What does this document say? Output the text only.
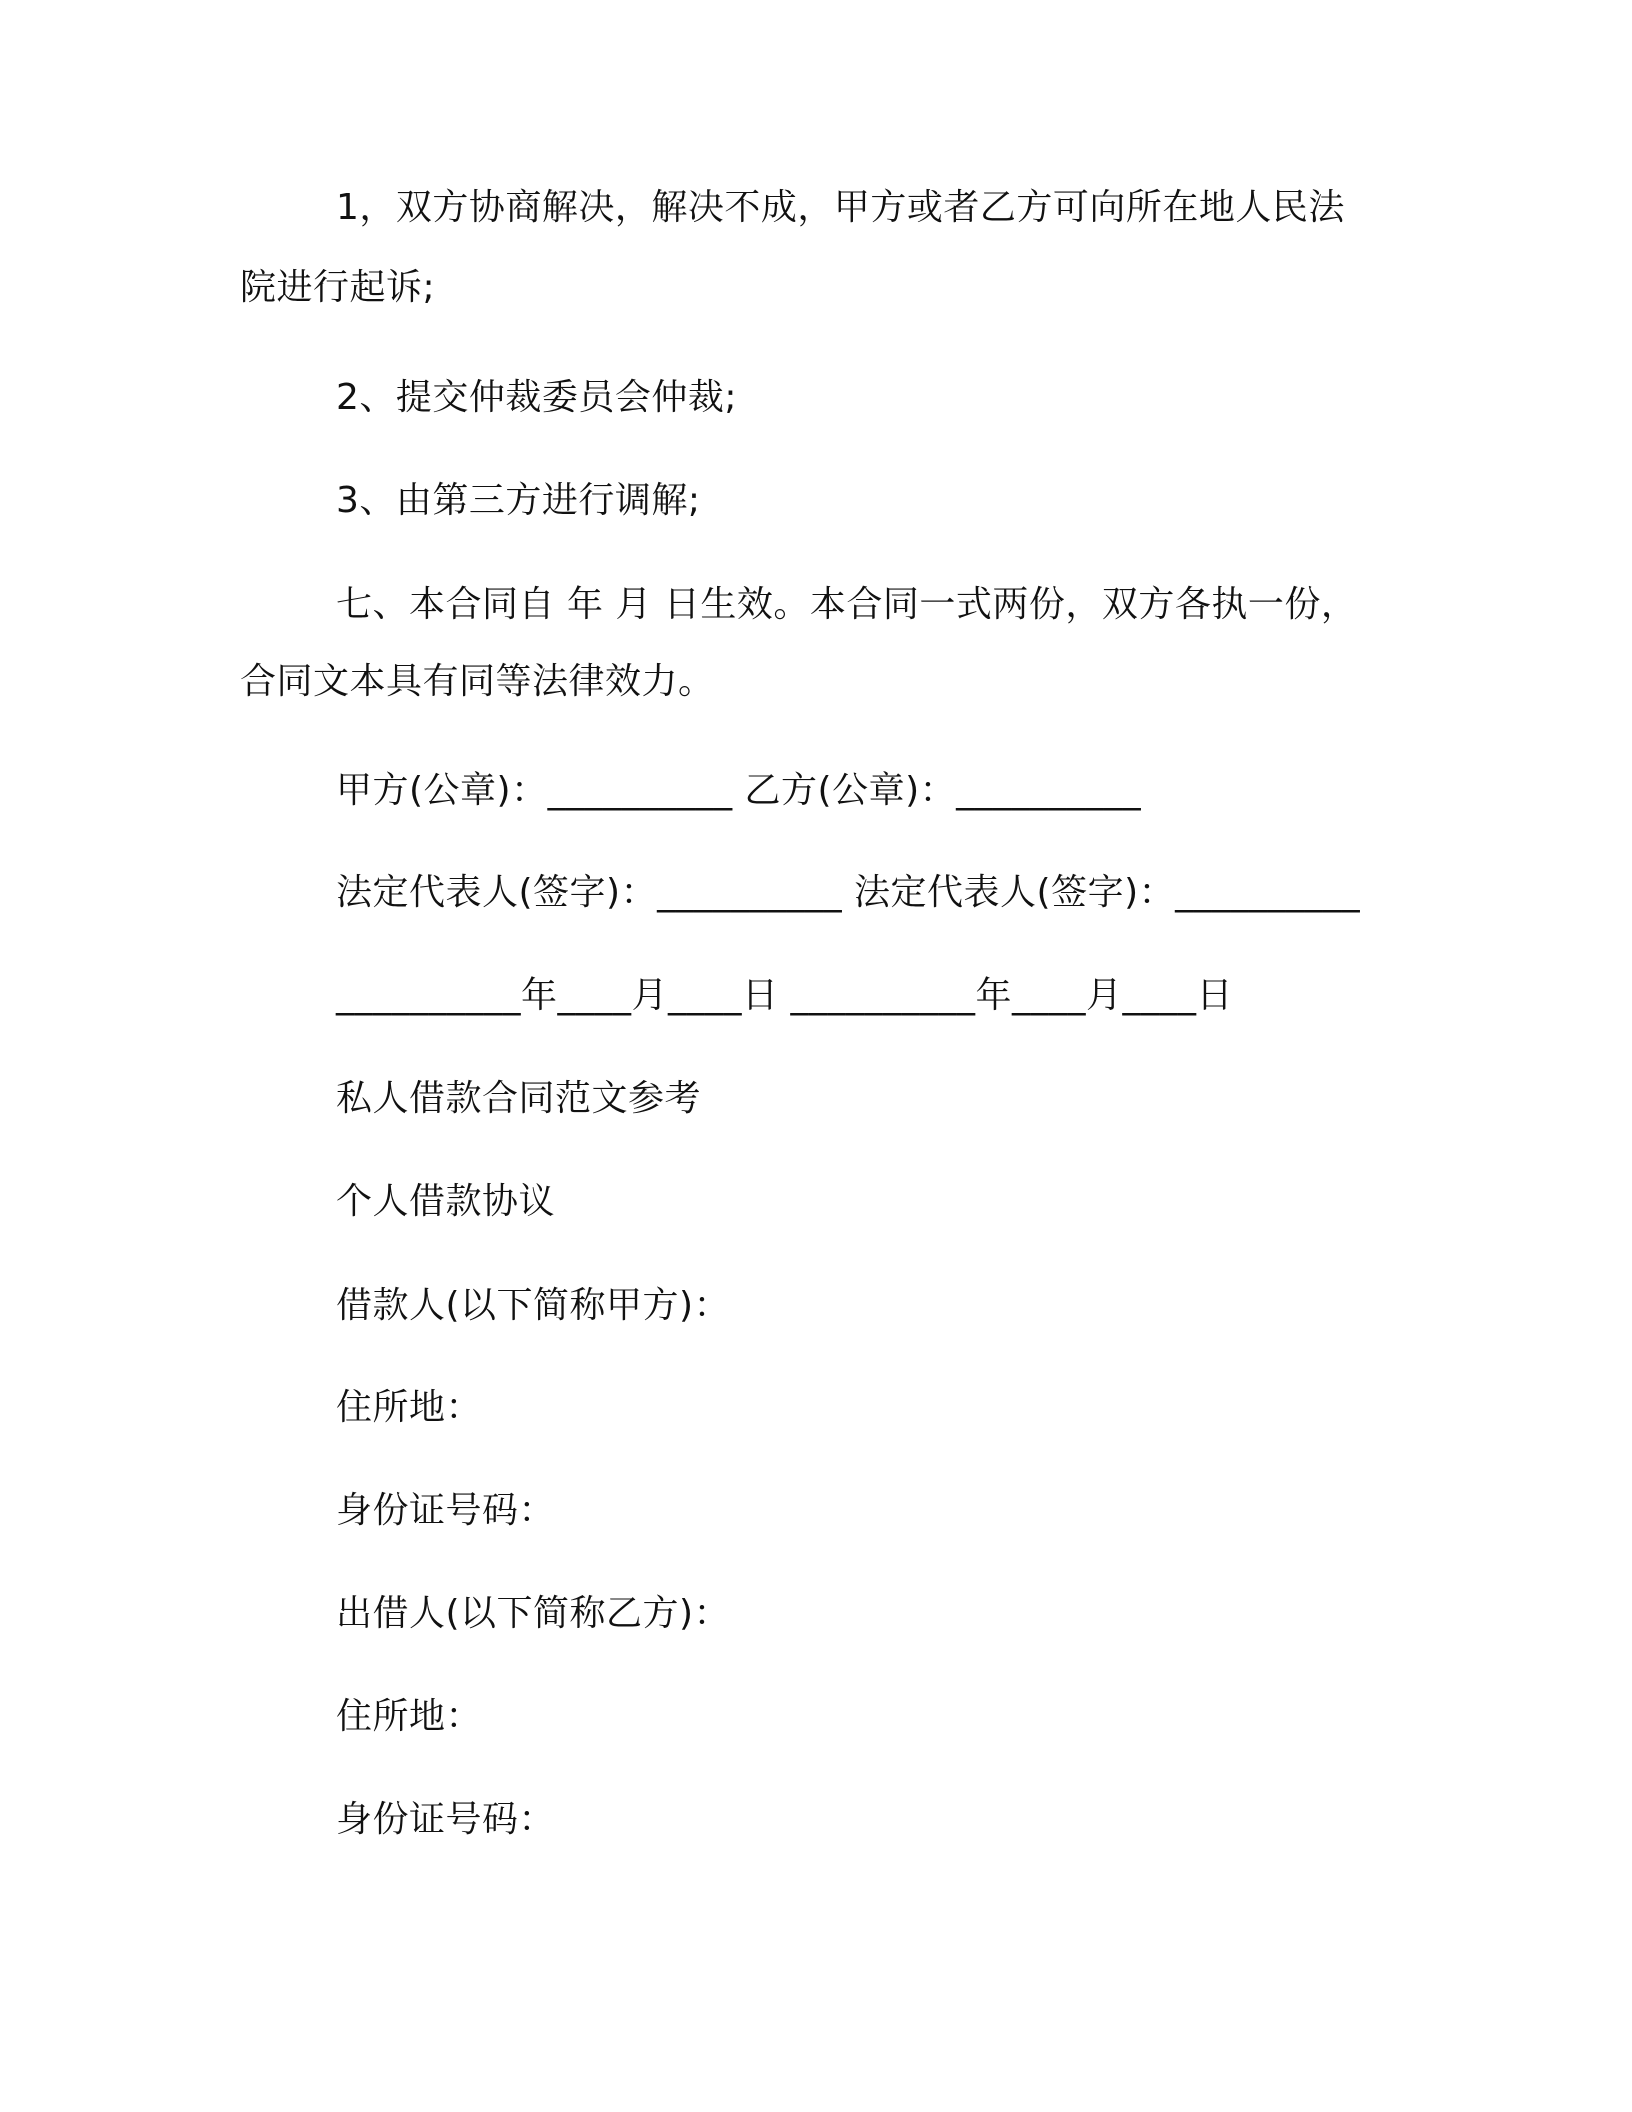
1，双方协商解决，解决不成，甲方或者乙方可向所在地人民法
院进行起诉;
2、提交仲裁委员会仲裁;
3、由第三方进行调解;
七、本合同自 年 月 日生效。本合同一式两份，双方各执一份，
合同文本具有同等法律效力。
甲方(公章)：__________ 乙方(公章)：__________
法定代表人(签字)：__________ 法定代表人(签字)：__________
__________年____月____日 __________年____月____日
私人借款合同范文参考
个人借款协议
借款人(以下简称甲方)：
住所地：
身份证号码：
出借人(以下简称乙方)：
住所地：
身份证号码：
